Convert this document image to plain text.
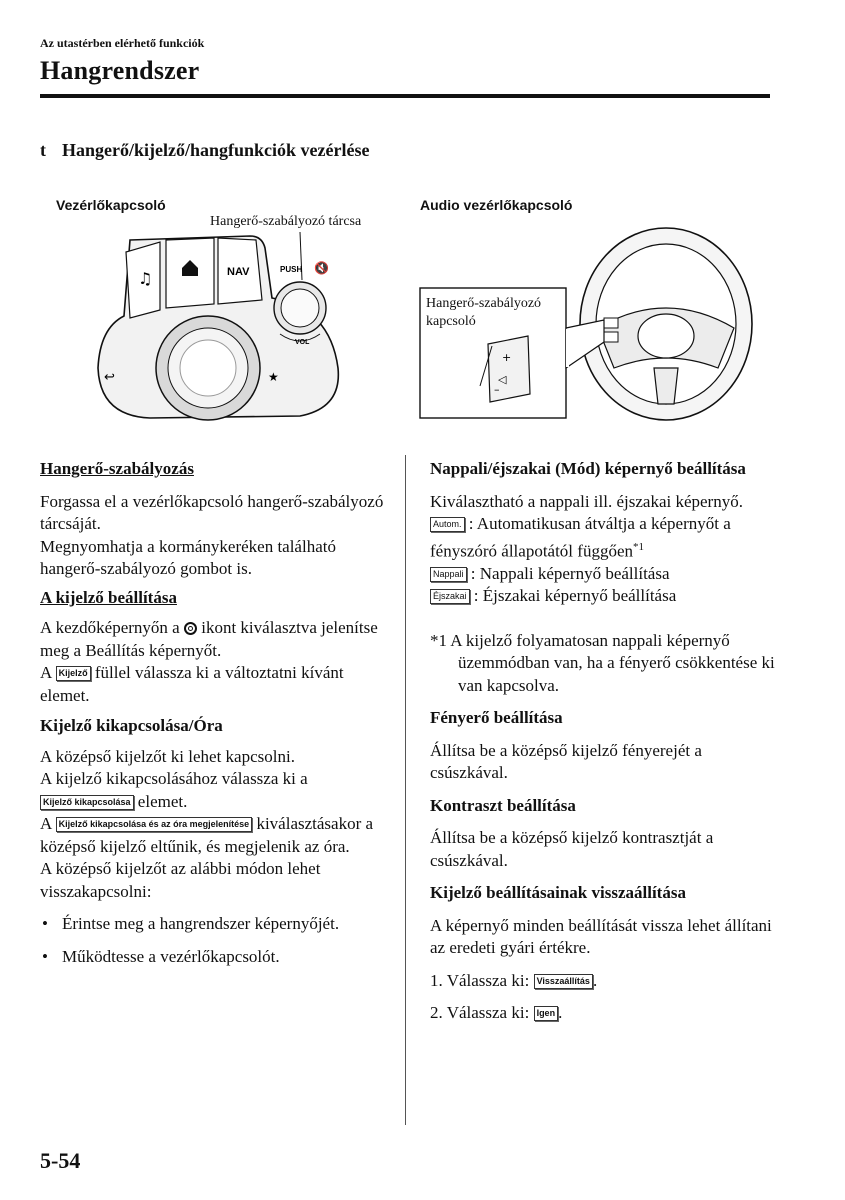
Az utastérben elérhető funkciók
Hangrendszer
t Hangerő/kijelző/hangfunkciók vezérlése
Vezérlőkapcsoló
Hangerő-szabályozó tárcsa
♫	NAV	PUSH 🔇
VOL
↩	★
Audio vezérlőkapcsoló
+
◁
–
Hangerő-szabályozó
kapcsoló

Hangerő-szabályozás

Forgassa el a vezérlőkapcsoló hangerő-szabályozó tárcsáját.

Megnyomhatja a kormánykeréken található hangerő-szabályozó gombot is.

A kijelző beállítása

A kezdőképernyőn a ikont kiválasztva jelenítse meg a Beállítás képernyőt.

A Kijelző füllel válassza ki a változtatni kívánt elemet.

Kijelző kikapcsolása/Óra

A középső kijelzőt ki lehet kapcsolni.

A kijelző kikapcsolásához válassza ki a Kijelző kikapcsolása elemet.

A Kijelző kikapcsolása és az óra megjelenítése kiválasztásakor a középső kijelző eltűnik, és megjelenik az óra.

A középső kijelzőt az alábbi módon lehet visszakapcsolni:

• Érintse meg a hangrendszer képernyőjét.

• Működtesse a vezérlőkapcsolót.

Nappali/éjszakai (Mód) képernyő beállítása

Kiválasztható a nappali ill. éjszakai képernyő.

Autom. : Automatikusan átváltja a képernyőt a fényszóró állapotától függően$^{*1}$

Nappali : Nappali képernyő beállítása

Éjszakai : Éjszakai képernyő beállítása

*1 A kijelző folyamatosan nappali képernyő üzemmódban van, ha a fényerő csökkentése ki van kapcsolva.

Fényerő beállítása

Állítsa be a középső kijelző fényerejét a csúszkával.

Kontraszt beállítása

Állítsa be a középső kijelző kontrasztját a csúszkával.

Kijelző beállításainak visszaállítása

A képernyő minden beállítását vissza lehet állítani az eredeti gyári értékre.

1. Válassza ki: Visszaállítás .

2. Válassza ki: Igen .

5-54
